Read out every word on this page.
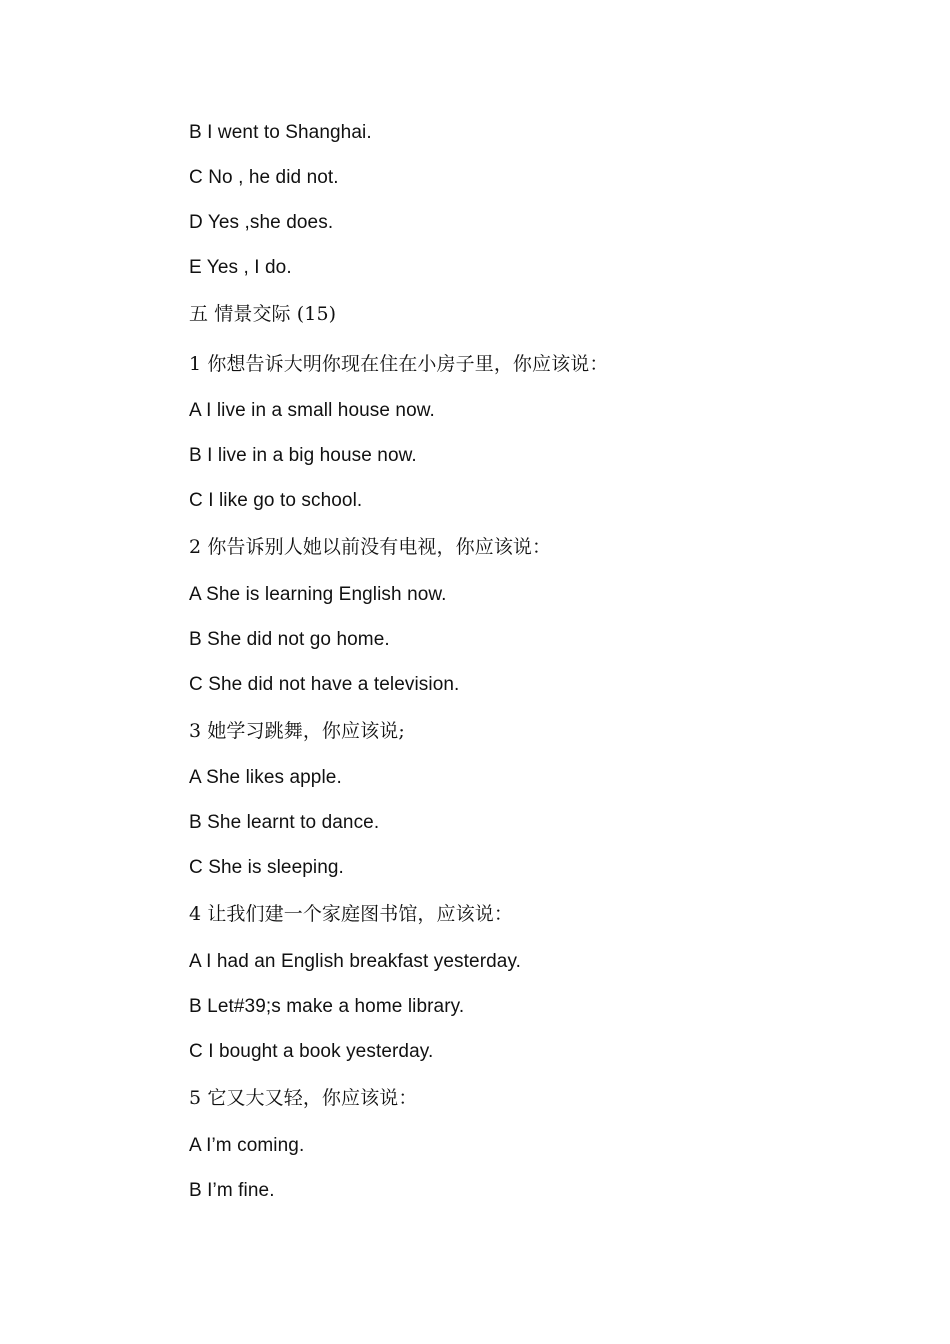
B I went to Shanghai.
C No , he did not.
D Yes ,she does.
E Yes , I do.
五 情景交际 (15)
1 你想告诉大明你现在住在小房子里，你应该说：
A I live in a small house now.
B I live in a big house now.
C I like go to school.
2 你告诉别人她以前没有电视，你应该说：
A She is learning English now.
B She did not go home.
C She did not have a television.
3 她学习跳舞，你应该说;
A She likes apple.
B She learnt to dance.
C She is sleeping.
4 让我们建一个家庭图书馆，应该说：
A I had an English breakfast yesterday.
B Let#39;s make a home library.
C I bought a book yesterday.
5 它又大又轻，你应该说：
A I’m coming.
B I’m fine.
